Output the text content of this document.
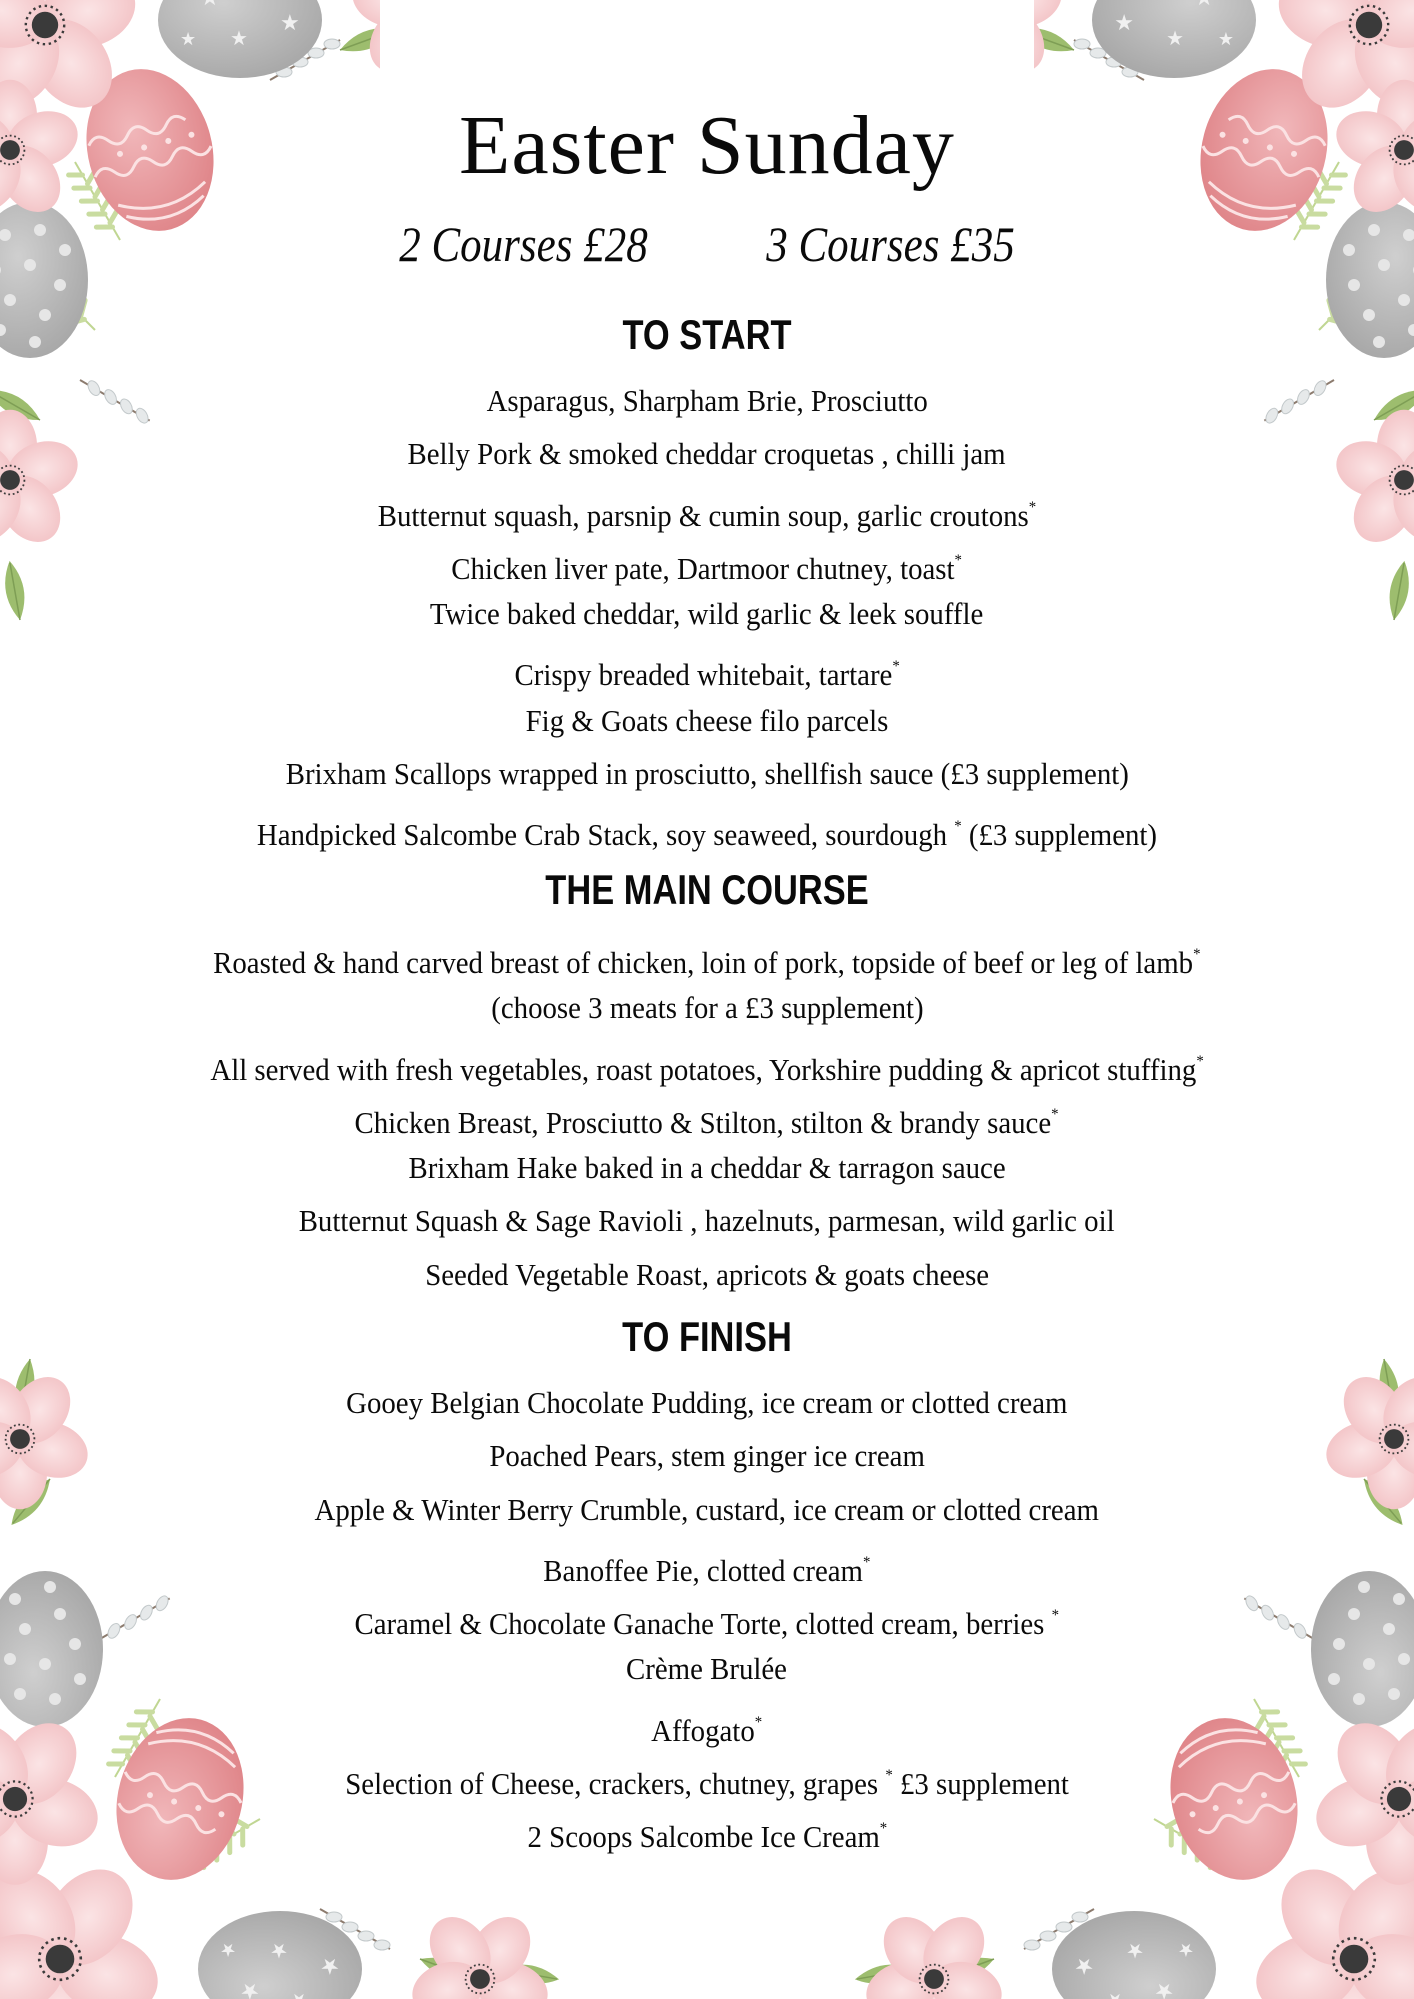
Easter Sunday
2 Courses £28 3 Courses £35
TO START
Asparagus, Sharpham Brie, Prosciutto
Belly Pork & smoked cheddar croquetas , chilli jam
Butternut squash, parsnip & cumin soup, garlic croutons*
Chicken liver pate, Dartmoor chutney, toast*
Twice baked cheddar, wild garlic & leek souffle
Crispy breaded whitebait, tartare*
Fig & Goats cheese filo parcels
Brixham Scallops wrapped in prosciutto, shellfish sauce (£3 supplement)
Handpicked Salcombe Crab Stack, soy seaweed, sourdough * (£3 supplement)
THE MAIN COURSE
Roasted & hand carved breast of chicken, loin of pork, topside of beef or leg of lamb*
(choose 3 meats for a £3 supplement)
All served with fresh vegetables, roast potatoes, Yorkshire pudding & apricot stuffing*
Chicken Breast, Prosciutto & Stilton, stilton & brandy sauce*
Brixham Hake baked in a cheddar & tarragon sauce
Butternut Squash & Sage Ravioli , hazelnuts, parmesan, wild garlic oil
Seeded Vegetable Roast, apricots & goats cheese
TO FINISH
Gooey Belgian Chocolate Pudding, ice cream or clotted cream
Poached Pears, stem ginger ice cream
Apple & Winter Berry Crumble, custard, ice cream or clotted cream
Banoffee Pie, clotted cream*
Caramel & Chocolate Ganache Torte, clotted cream, berries *
Crème Brulée
Affogato*
Selection of Cheese, crackers, chutney, grapes * £3 supplement
2 Scoops Salcombe Ice Cream*
